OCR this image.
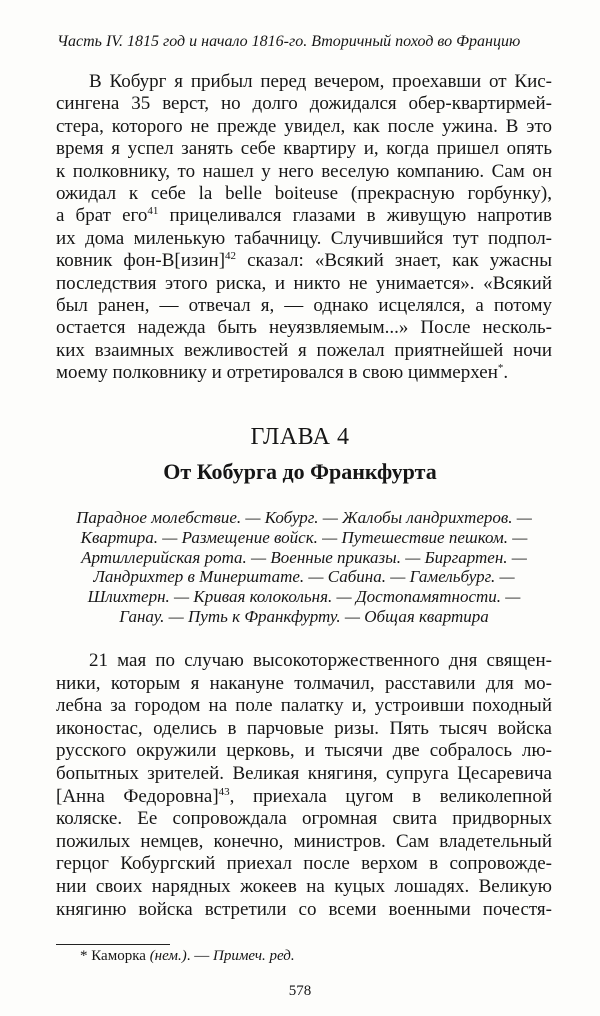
Часть IV. 1815 год и начало 1816-го. Вторичный поход во Францию
В Кобург я прибыл перед вечером, проехавши от Кис-
сингена 35 верст, но долго дожидался обер-квартирмей-
стера, которого не прежде увидел, как после ужина. В это
время я успел занять себе квартиру и, когда пришел опять
к полковнику, то нашел у него веселую компанию. Сам он
ожидал к себе la belle boiteuse (прекрасную горбунку),
а брат его$^{41}$ прицеливался глазами в живущую напротив
их дома миленькую табачницу. Случившийся тут подпол-
ковник фон-В[изин]$^{42}$ сказал: «Всякий знает, как ужасны
последствия этого риска, и никто не унимается». «Всякий
был ранен, — отвечал я, — однако исцелялся, а потому
остается надежда быть неуязвляемым...» После несколь-
ких взаимных вежливостей я пожелал приятнейшей ночи
моему полковнику и отретировался в свою циммерхен*.
ГЛАВА 4
От Кобурга до Франкфурта
Парадное молебствие. — Кобург. — Жалобы ландрихтеров. —
Квартира. — Размещение войск. — Путешествие пешком. —
Артиллерийская рота. — Военные приказы. — Биргартен. —
Ландрихтер в Минерштате. — Сабина. — Гамельбург. —
Шлихтерн. — Кривая колокольня. — Достопамятности. —
Ганау. — Путь к Франкфурту. — Общая квартира
21 мая по случаю высокоторжественного дня священ-
ники, которым я накануне толмачил, расставили для мо-
лебна за городом на поле палатку и, устроивши походный
иконостас, оделись в парчовые ризы. Пять тысяч войска
русского окружили церковь, и тысячи две собралось лю-
бопытных зрителей. Великая княгиня, супруга Цесаревича
[Анна Федоровна]$^{43}$, приехала цугом в великолепной
коляске. Ее сопровождала огромная свита придворных
пожилых немцев, конечно, министров. Сам владетельный
герцог Кобургский приехал после верхом в сопровожде-
нии своих нарядных жокеев на куцых лошадях. Великую
княгиню войска встретили со всеми военными почестя-
* Каморка (нем.). — Примеч. ред.
578
